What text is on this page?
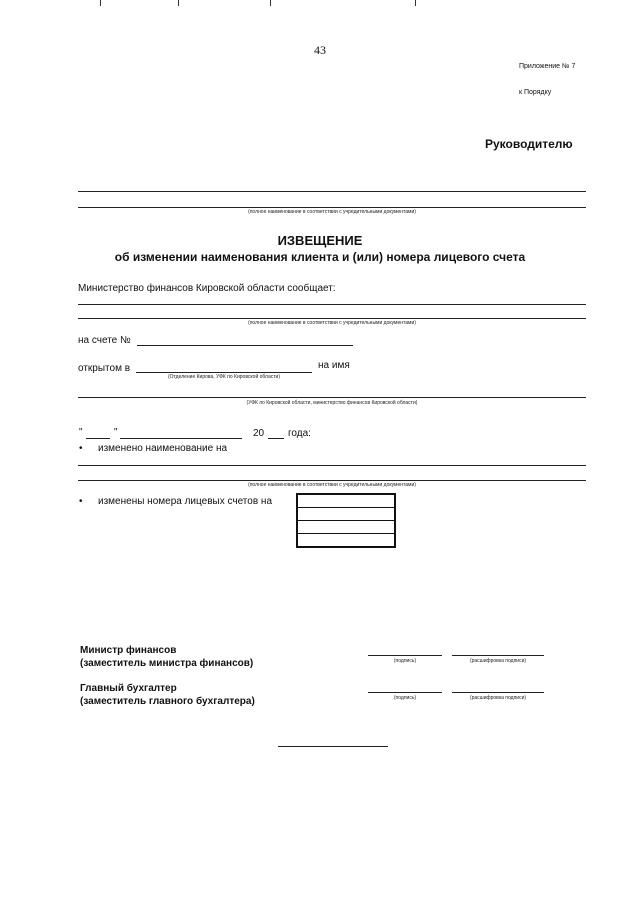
43
Приложение № 7
к Порядку
Руководителю
(полное наименование в соответствии с учредительными документами)
ИЗВЕЩЕНИЕ
об изменении наименования клиента и (или) номера лицевого счета
Министерство финансов Кировской области сообщает:
(полное наименование в соответствии с учредительными документами)
на счете №
открытом в
(Отделение Кирова, УФК по Кировской области)
на имя
(УФК по Кировской области, министерство финансов Кировской области)
"	"	20 года:
• изменено наименование на
(полное наименование в соответствии с учредительными документами)
• изменены номера лицевых счетов на
Министр финансов
(заместитель министра финансов)	(подпись)	(расшифровка подписи)
Главный бухгалтер
(заместитель главного бухгалтера)	(подпись)	(расшифровка подписи)
